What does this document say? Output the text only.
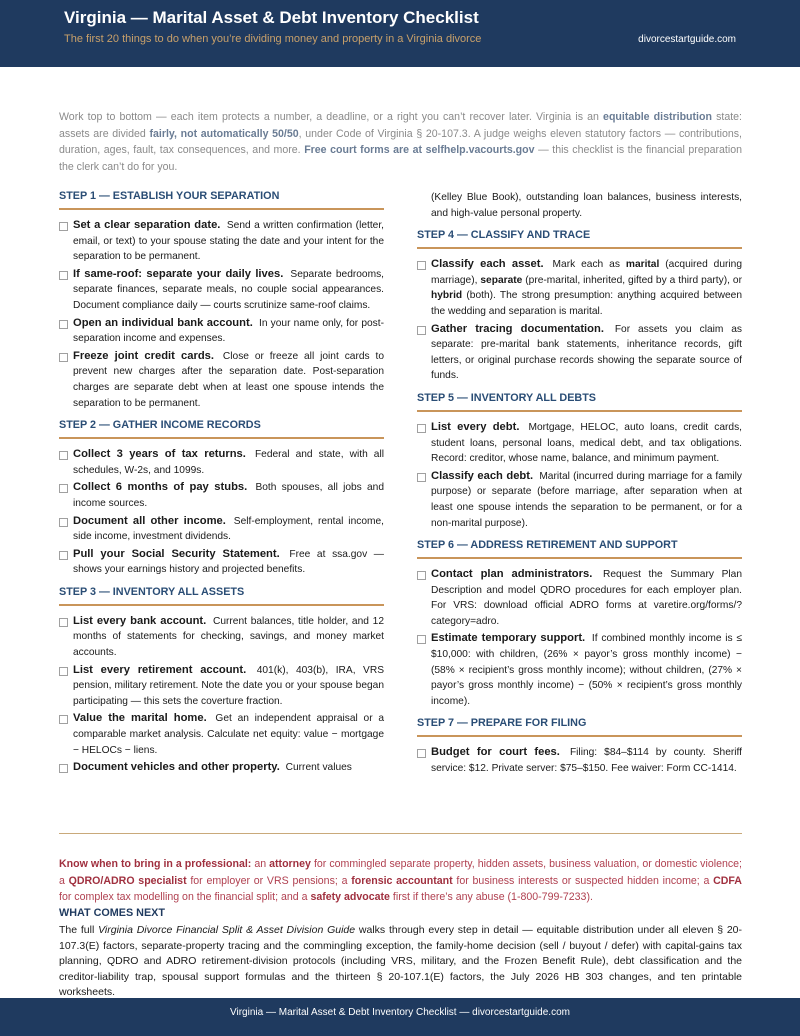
Virginia — Marital Asset & Debt Inventory Checklist
The first 20 things to do when you’re dividing money and property in a Virginia divorce	divorcestartguide.com
Work top to bottom — each item protects a number, a deadline, or a right you can’t recover later. Virginia is an equitable distribution state: assets are divided fairly, not automatically 50/50, under Code of Virginia § 20-107.3. A judge weighs eleven statutory factors — contributions, duration, ages, fault, tax consequences, and more. Free court forms are at selfhelp.vacourts.gov — this checklist is the financial preparation the clerk can’t do for you.
STEP 1 — ESTABLISH YOUR SEPARATION
Set a clear separation date. Send a written confirmation (letter, email, or text) to your spouse stating the date and your intent for the separation to be permanent.
If same-roof: separate your daily lives. Separate bedrooms, separate finances, separate meals, no couple social appearances. Document compliance daily — courts scrutinize same-roof claims.
Open an individual bank account. In your name only, for post-separation income and expenses.
Freeze joint credit cards. Close or freeze all joint cards to prevent new charges after the separation date. Post-separation charges are separate debt when at least one spouse intends the separation to be permanent.
STEP 2 — GATHER INCOME RECORDS
Collect 3 years of tax returns. Federal and state, with all schedules, W-2s, and 1099s.
Collect 6 months of pay stubs. Both spouses, all jobs and income sources.
Document all other income. Self-employment, rental income, side income, investment dividends.
Pull your Social Security Statement. Free at ssa.gov — shows your earnings history and projected benefits.
STEP 3 — INVENTORY ALL ASSETS
List every bank account. Current balances, title holder, and 12 months of statements for checking, savings, and money market accounts.
List every retirement account. 401(k), 403(b), IRA, VRS pension, military retirement. Note the date you or your spouse began participating — this sets the coverture fraction.
Value the marital home. Get an independent appraisal or a comparable market analysis. Calculate net equity: value − mortgage − HELOCs − liens.
Document vehicles and other property. Current values
(Kelley Blue Book), outstanding loan balances, business interests, and high-value personal property.
STEP 4 — CLASSIFY AND TRACE
Classify each asset. Mark each as marital (acquired during marriage), separate (pre-marital, inherited, gifted by a third party), or hybrid (both). The strong presumption: anything acquired between the wedding and separation is marital.
Gather tracing documentation. For assets you claim as separate: pre-marital bank statements, inheritance records, gift letters, or original purchase records showing the separate source of funds.
STEP 5 — INVENTORY ALL DEBTS
List every debt. Mortgage, HELOC, auto loans, credit cards, student loans, personal loans, medical debt, and tax obligations. Record: creditor, whose name, balance, and minimum payment.
Classify each debt. Marital (incurred during marriage for a family purpose) or separate (before marriage, after separation when at least one spouse intends the separation to be permanent, or for a non-marital purpose).
STEP 6 — ADDRESS RETIREMENT AND SUPPORT
Contact plan administrators. Request the Summary Plan Description and model QDRO procedures for each employer plan. For VRS: download official ADRO forms at varetire.org/forms/?category=adro.
Estimate temporary support. If combined monthly income is ≤ $10,000: with children, (26% × payor’s gross monthly income) − (58% × recipient’s gross monthly income); without children, (27% × payor’s gross monthly income) − (50% × recipient’s gross monthly income).
STEP 7 — PREPARE FOR FILING
Budget for court fees. Filing: $84–$114 by county. Sheriff service: $12. Private server: $75–$150. Fee waiver: Form CC-1414.
Know when to bring in a professional: an attorney for commingled separate property, hidden assets, business valuation, or domestic violence; a QDRO/ADRO specialist for employer or VRS pensions; a forensic accountant for business interests or suspected hidden income; a CDFA for complex tax modelling on the financial split; and a safety advocate first if there’s any abuse (1-800-799-7233).
WHAT COMES NEXT
The full Virginia Divorce Financial Split & Asset Division Guide walks through every step in detail — equitable distribution under all eleven § 20-107.3(E) factors, separate-property tracing and the commingling exception, the family-home decision (sell / buyout / defer) with capital-gains tax planning, QDRO and ADRO retirement-division protocols (including VRS, military, and the Frozen Benefit Rule), debt classification and the creditor-liability trap, spousal support formulas and the thirteen § 20-107.1(E) factors, the July 2026 HB 303 changes, and ten printable worksheets.
Virginia — Marital Asset & Debt Inventory Checklist — divorcestartguide.com
